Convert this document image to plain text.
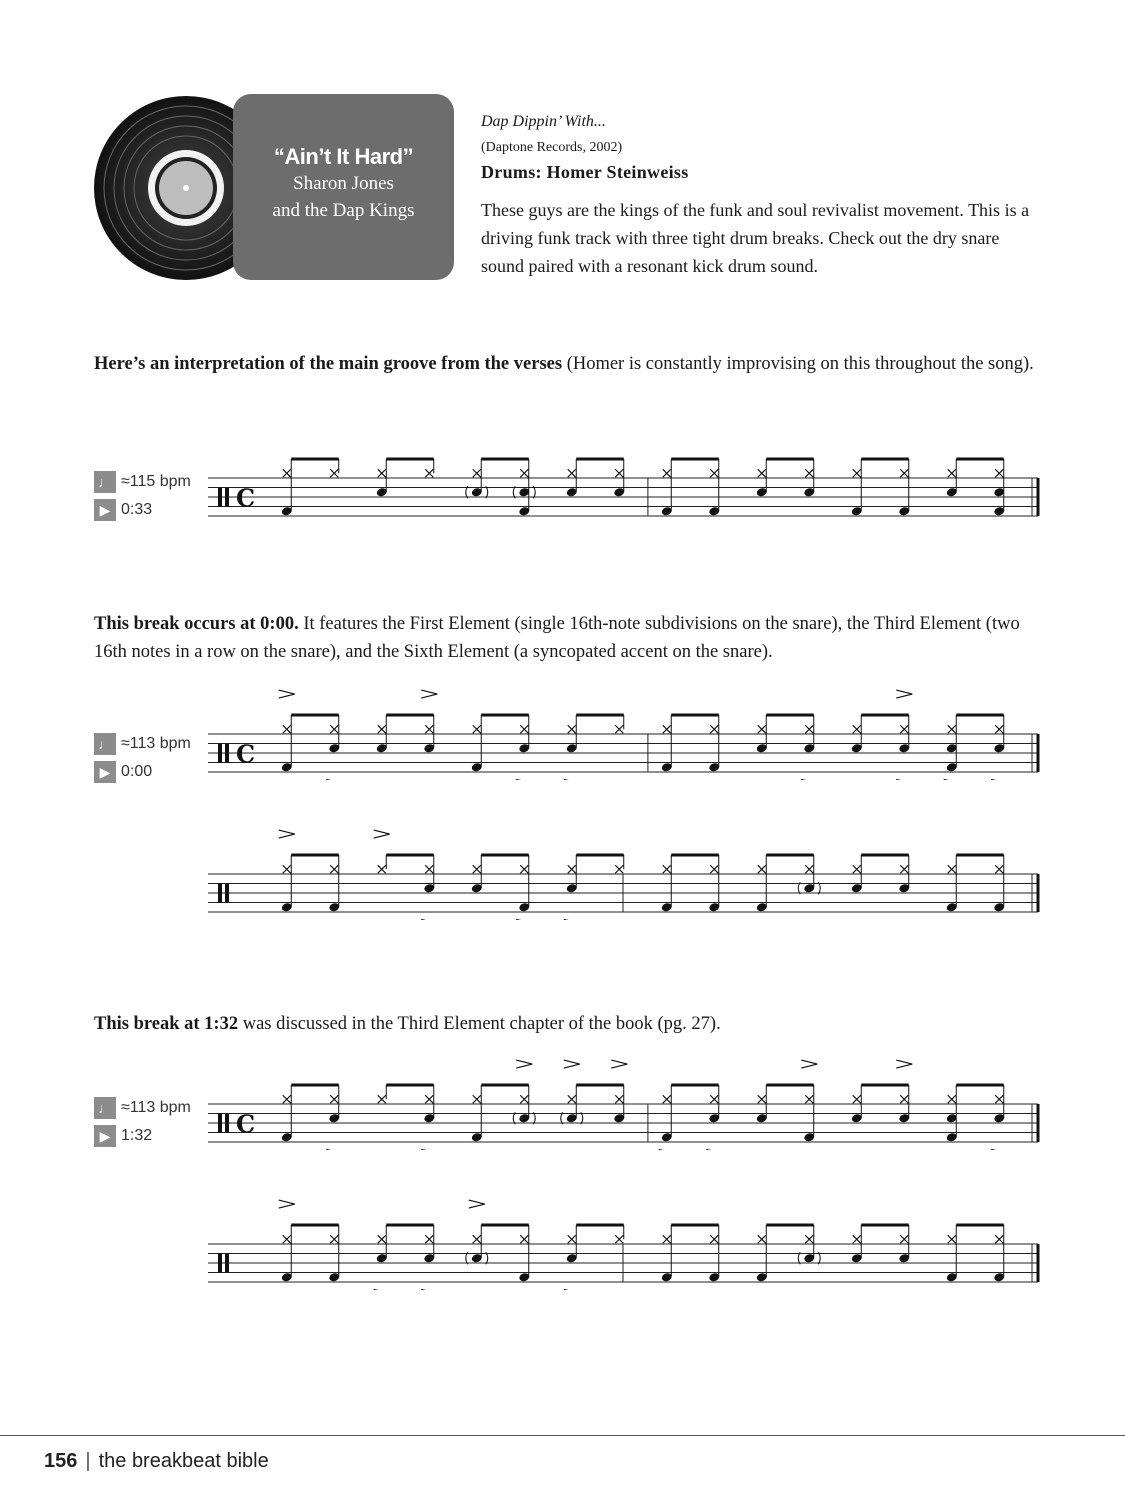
“Ain’t It Hard”
Sharon Jones
and the Dap Kings
Dap Dippin’ With...
(Daptone Records, 2002)
Drums: Homer Steinweiss
These guys are the kings of the funk and soul revivalist movement. This is a driving funk track with three tight drum breaks. Check out the dry snare sound paired with a resonant kick drum sound.
Here’s an interpretation of the main groove from the verses (Homer is constantly improvising on this throughout the song).
♩ ≈115 bpm
▶ 0:33	C
This break occurs at 0:00. It features the First Element (single 16th-note subdivisions on the snare), the Third Element (two 16th notes in a row on the snare), and the Sixth Element (a syncopated accent on the snare).
♩ ≈113 bpm
▶ 0:00
C
This break at 1:32 was discussed in the Third Element chapter of the book (pg. 27).
♩ ≈113 bpm
▶ 1:32	C
156 | the breakbeat bible
